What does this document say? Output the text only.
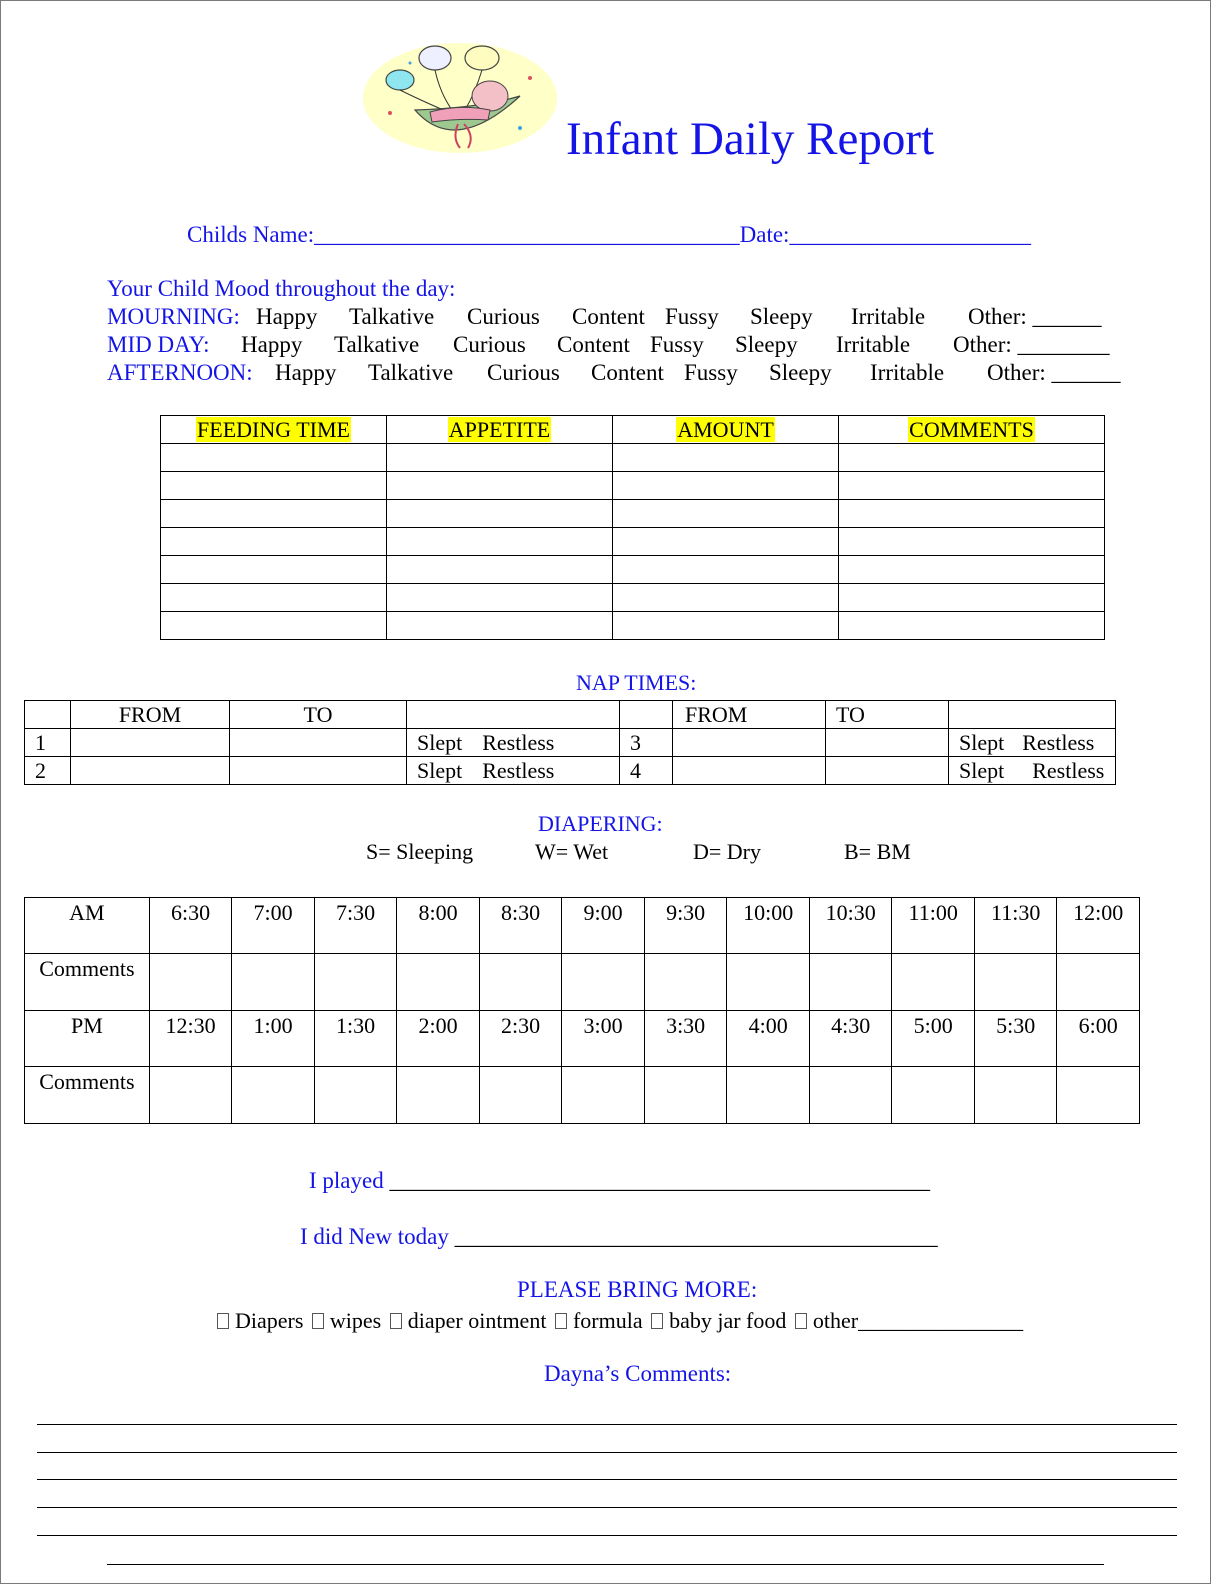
Infant Daily Report
Childs Name:_____________________________________Date:_____________________
Your Child Mood throughout the day:
MOURNING: Happy Talkative Curious Content Fussy Sleepy Irritable Other: ______
MID DAY: Happy Talkative Curious Content Fussy Sleepy Irritable Other: ________
AFTERNOON: Happy Talkative Curious Content Fussy Sleepy Irritable Other: ______
FEEDING TIME	APPETITE	AMOUNT	COMMENTS

NAP TIMES:
	FROM	TO			FROM	TO	
1			Slept Restless	3			Slept Restless
2			Slept Restless	4			Slept Restless
DIAPERING:
S= Sleeping	W= Wet	D= Dry	B= BM
AM	6:30	7:00	7:30	8:00	8:30	9:00	9:30	10:00	10:30	11:00	11:30	12:00
Comments												
PM	12:30	1:00	1:30	2:00	2:30	3:00	3:30	4:00	4:30	5:00	5:30	6:00
Comments												
I played _______________________________________________
I did New today __________________________________________
PLEASE BRING MORE:
Diapers wipes diaper ointment formula baby jar food other_______________
Dayna’s Comments:
